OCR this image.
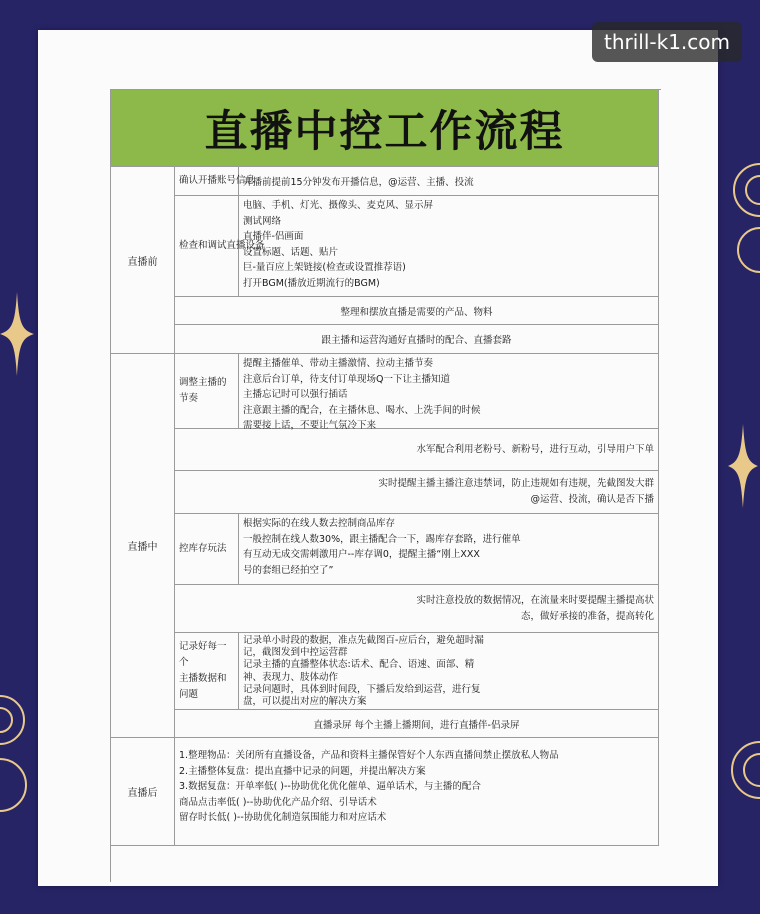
thrill-k1.com
直播中控工作流程
直播前
确认开播账号信息
开播前提前15分钟发布开播信息，@运营、主播、投流
检查和调试直播设备
电脑、手机、灯光、摄像头、麦克风、显示屏
测试网络
直播伴-侣画面
设置标题、话题、贴片
巨-量百应上架链接(检查或设置推荐语)
打开BGM(播放近期流行的BGM)
整理和摆放直播是需要的产品、物料
跟主播和运营沟通好直播时的配合、直播套路
直播中
调整主播的
节奏
提醒主播催单、带动主播激情、拉动主播节奏
注意后台订单，待支付订单现场Q一下让主播知道
主播忘记时可以强行插话
注意跟主播的配合，在主播休息、喝水、上洗手间的时候
需要接上话，不要让气氛冷下来
水军配合利用老粉号、新粉号，进行互动，引导用户下单
实时提醒主播主播注意违禁词，防止违规如有违规，先截图发大群
@运营、投流，确认是否下播
控库存玩法
根据实际的在线人数去控制商品库存
一般控制在线人数30%，跟主播配合一下，踢库存套路，进行催单
有互动无成交需刺激用户--库存调0，提醒主播“刚上XXX
号的套组已经拍空了”
实时注意投放的数据情况，在流量来时要提醒主播提高状
态，做好承接的准备，提高转化
记录好每一
个
主播数据和
问题
记录单小时段的数据，准点先截图百-应后台，避免超时漏
记，截图发到中控运营群
记录主播的直播整体状态:话术、配合、语速、面部、精
神、表现力、肢体动作
记录问题时，具体到时间段，下播后发给到运营，进行复
盘，可以提出对应的解决方案
直播录屏 每个主播上播期间，进行直播伴-侣录屏
直播后
1.整理物品：关闭所有直播设备，产品和资料主播保管好个人东西直播间禁止摆放私人物品
2.主播整体复盘：提出直播中记录的问题，并提出解决方案
3.数据复盘：开单率低( )--协助优化优化催单、逼单话术，与主播的配合
商品点击率低( )--协助优化产品介绍、引导话术
留存时长低( )--协助优化制造氛围能力和对应话术
